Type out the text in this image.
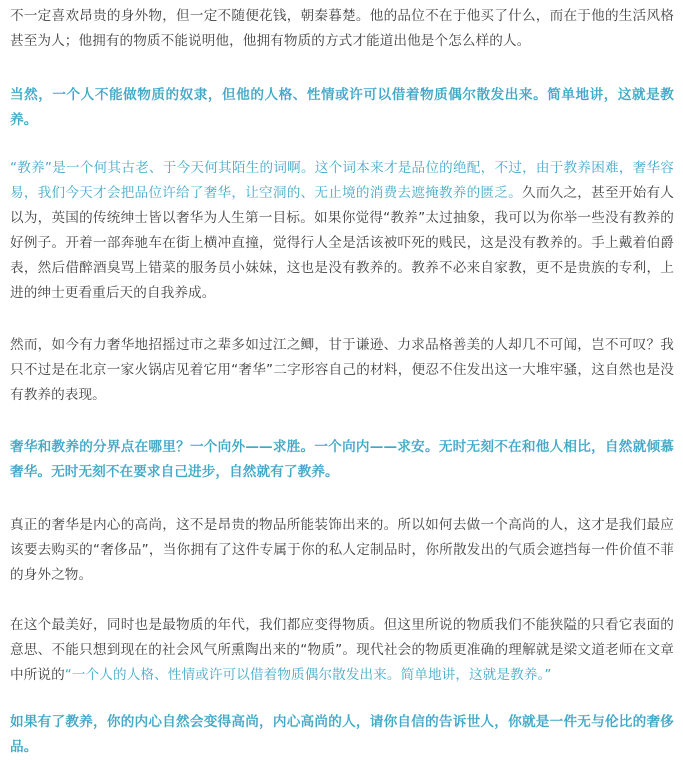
不一定喜欢昂贵的身外物，但一定不随便花钱，朝秦暮楚。他的品位不在于他买了什么，而在于他的生活风格甚至为人；他拥有的物质不能说明他，他拥有物质的方式才能道出他是个怎么样的人。

当然，一个人不能做物质的奴隶，但他的人格、性情或许可以借着物质偶尔散发出来。简单地讲，这就是教养。

“教养”是一个何其古老、于今天何其陌生的词啊。这个词本来才是品位的绝配，不过，由于教养困难，奢华容易，我们今天才会把品位许给了奢华，让空洞的、无止境的消费去遮掩教养的匮乏。久而久之，甚至开始有人以为，英国的传统绅士皆以奢华为人生第一目标。如果你觉得“教养”太过抽象，我可以为你举一些没有教养的 好例子。开着一部奔驰车在街上横冲直撞，觉得行人全是活该被吓死的贱民，这是没有教养的。手上戴着伯爵表，然后借醉酒臭骂上错菜的服务员小妹妹，这也是没有教养的。教养不必来自家教，更不是贵族的专利，上进的绅士更看重后天的自我养成。

然而，如今有力奢华地招摇过市之辈多如过江之鲫，甘于谦逊、力求品格善美的人却几不可闻，岂不可叹？我只不过是在北京一家火锅店见着它用“奢华”二字形容自己的材料，便忍不住发出这一大堆牢骚，这自然也是没有教养的表现。

奢华和教养的分界点在哪里？一个向外——求胜。一个向内——求安。无时无刻不在和他人相比，自然就倾慕奢华。无时无刻不在要求自己进步，自然就有了教养。

真正的奢华是内心的高尚，这不是昂贵的物品所能装饰出来的。所以如何去做一个高尚的人，这才是我们最应该要去购买的“奢侈品”，当你拥有了这件专属于你的私人定制品时，你所散发出的气质会遮挡每一件价值不菲的身外之物。

在这个最美好，同时也是最物质的年代，我们都应变得物质。但这里所说的物质我们不能狭隘的只看它表面的意思、不能只想到现在的社会风气所熏陶出来的“物质”。现代社会的物质更准确的理解就是梁文道老师在文章中所说的“一个人的人格、性情或许可以借着物质偶尔散发出来。简单地讲，这就是教养。”

如果有了教养，你的内心自然会变得高尚，内心高尚的人，请你自信的告诉世人，你就是一件无与伦比的奢侈品。
